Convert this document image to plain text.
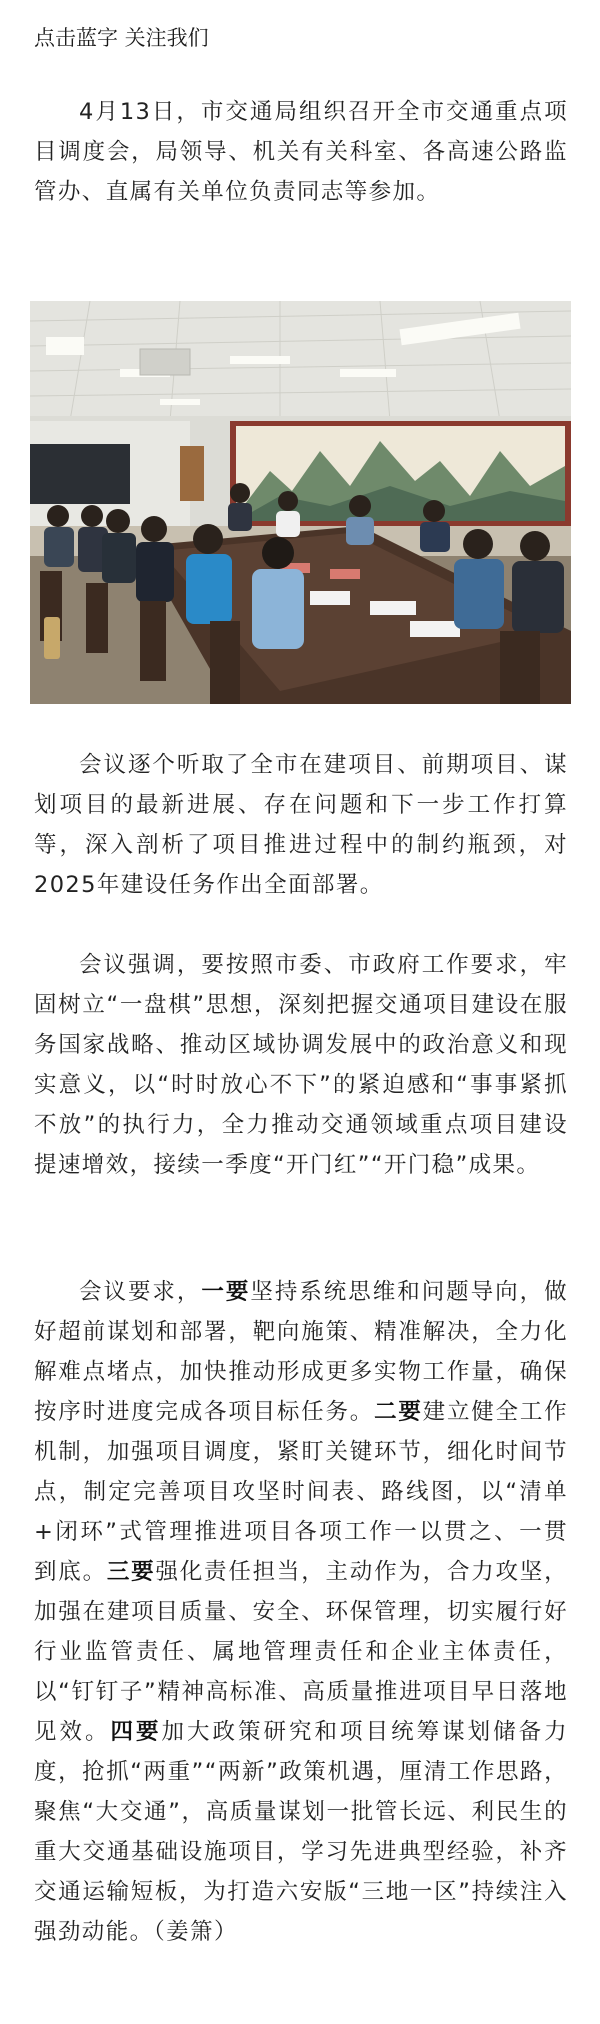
点击蓝字 关注我们

4月13日，市交通局组织召开全市交通重点项目调度会，局领导、机关有关科室、各高速公路监管办、直属有关单位负责同志等参加。

会议逐个听取了全市在建项目、前期项目、谋划项目的最新进展、存在问题和下一步工作打算等，深入剖析了项目推进过程中的制约瓶颈，对2025年建设任务作出全面部署。

会议强调，要按照市委、市政府工作要求，牢固树立“一盘棋”思想，深刻把握交通项目建设在服务国家战略、推动区域协调发展中的政治意义和现实意义，以“时时放心不下”的紧迫感和“事事紧抓不放”的执行力，全力推动交通领域重点项目建设提速增效，接续一季度“开门红”“开门稳”成果。

会议要求，一要坚持系统思维和问题导向，做好超前谋划和部署，靶向施策、精准解决，全力化解难点堵点，加快推动形成更多实物工作量，确保按序时进度完成各项目标任务。二要建立健全工作机制，加强项目调度，紧盯关键环节，细化时间节点，制定完善项目攻坚时间表、路线图，以“清单+闭环”式管理推进项目各项工作一以贯之、一贯到底。三要强化责任担当，主动作为，合力攻坚，加强在建项目质量、安全、环保管理，切实履行好行业监管责任、属地管理责任和企业主体责任，以“钉钉子”精神高标准、高质量推进项目早日落地见效。四要加大政策研究和项目统筹谋划储备力度，抢抓“两重”“两新”政策机遇，厘清工作思路，聚焦“大交通”，高质量谋划一批管长远、利民生的重大交通基础设施项目，学习先进典型经验，补齐交通运输短板，为打造六安版“三地一区”持续注入强劲动能。（姜箫）
